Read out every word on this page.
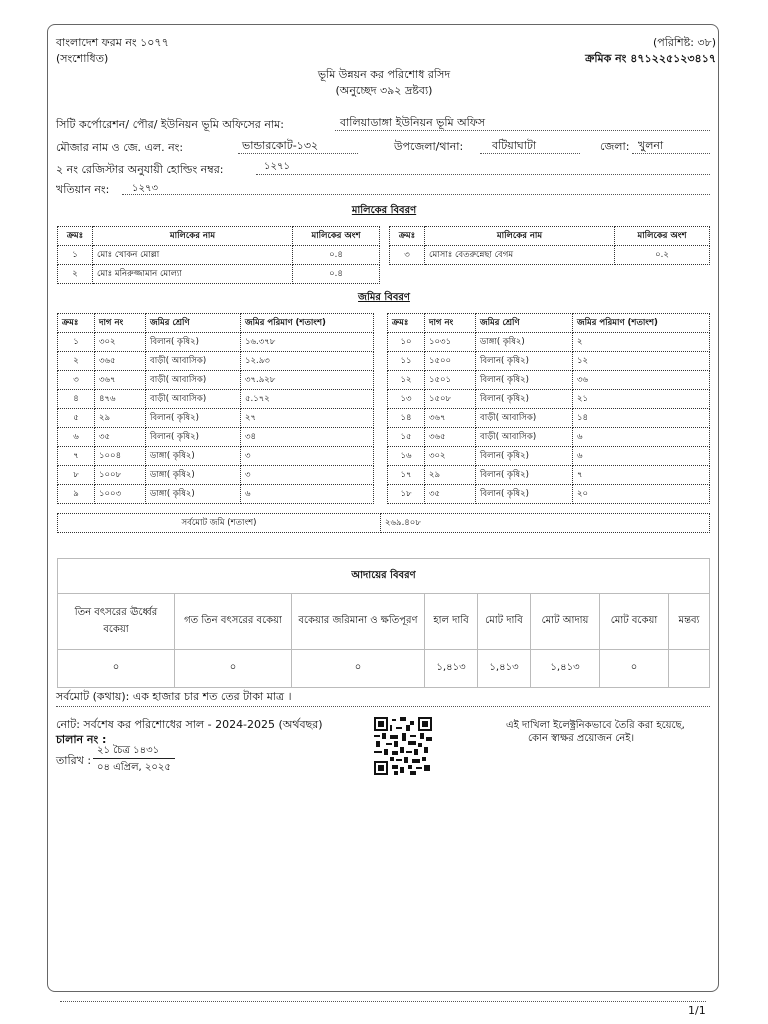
বাংলাদেশ ফরম নং ১০৭৭
(সংশোধিত)
(পরিশিষ্ট: ৩৮)
ক্রমিক নং ৪৭১২২৫১২৩৪১৭
ভূমি উন্নয়ন কর পরিশোধ রসিদ
(অনুচ্ছেদ ৩৯২ দ্রষ্টব্য)
সিটি কর্পোরেশন/ পৌর/ ইউনিয়ন ভূমি অফিসের নাম:	বালিয়াডাঙ্গা ইউনিয়ন ভূমি অফিস
মৌজার নাম ও জে. এল. নং:	ভান্ডারকোট-১৩২	উপজেলা/থানা:	বটিয়াঘাটা	জেলা: খুলনা
২ নং রেজিস্টার অনুযায়ী হোল্ডিং নম্বর:	১২৭১
খতিয়ান নং: ১২৭৩
মালিকের বিবরণ
ক্রমঃ	মালিকের নাম	মালিকের অংশ
১	মোঃ খোকন মোল্লা	০.৪
২	মোঃ মনিরুজ্জামান মোল্যা	০.৪
ক্রমঃ	মালিকের নাম	মালিকের অংশ
৩	মোসাঃ বেতরুন্নেছা বেগম	০.২
জমির বিবরণ
ক্রমঃ	দাগ নং	জমির শ্রেণি	জমির পরিমাণ (শতাংশ)
১	৩০২	বিলান( কৃষি২)	১৬.৩৭৮
২	৩৬৫	বাড়ী( আবাসিক)	১২.৯৩
৩	৩৬৭	বাড়ী( আবাসিক)	৩৭.৯২৮
৪	৪৭৬	বাড়ী( আবাসিক)	৫.১৭২
৫	২৯	বিলান( কৃষি২)	২৭
৬	৩৫	বিলান( কৃষি২)	৩৪
৭	১০০৪	ডাঙ্গা( কৃষি২)	৩
৮	১০০৮	ডাঙ্গা( কৃষি২)	৩
৯	১০০৩	ডাঙ্গা( কৃষি২)	৬
ক্রমঃ	দাগ নং	জমির শ্রেণি	জমির পরিমাণ (শতাংশ)
১০	১০৩১	ডাঙ্গা( কৃষি২)	২
১১	১৫০০	বিলান( কৃষি২)	১২
১২	১৫০১	বিলান( কৃষি২)	৩৬
১৩	১৫০৮	বিলান( কৃষি২)	২১
১৪	৩৬৭	বাড়ী( আবাসিক)	১৪
১৫	৩৬৫	বাড়ী( আবাসিক)	৬
১৬	৩০২	বিলান( কৃষি২)	৬
১৭	২৯	বিলান( কৃষি২)	৭
১৮	৩৫	বিলান( কৃষি২)	২০
সর্বমোট জমি (শতাংশ)	২৬৯.৪০৮
আদায়ের বিবরণ							
তিন বৎসরের ঊর্ধ্বের বকেয়া	গত তিন বৎসরের বকেয়া	বকেয়ার জরিমানা ও ক্ষতিপূরণ	হাল দাবি	মোট দাবি	মোট আদায়	মোট বকেয়া	মন্তব্য
০	০	০	১,৪১৩	১,৪১৩	১,৪১৩	০	
সর্বমোট (কথায়): এক হাজার চার শত তের টাকা মাত্র ।
নোট: সর্বশেষ কর পরিশোধের সাল - 2024-2025 (অর্থবছর)
চালান নং :
তারিখ :
২১ চৈত্র ১৪৩১
০৪ এপ্রিল, ২০২৫
এই দাখিলা ইলেক্ট্রনিকভাবে তৈরি করা হয়েছে,
কোন স্বাক্ষর প্রয়োজন নেই।
1/1
